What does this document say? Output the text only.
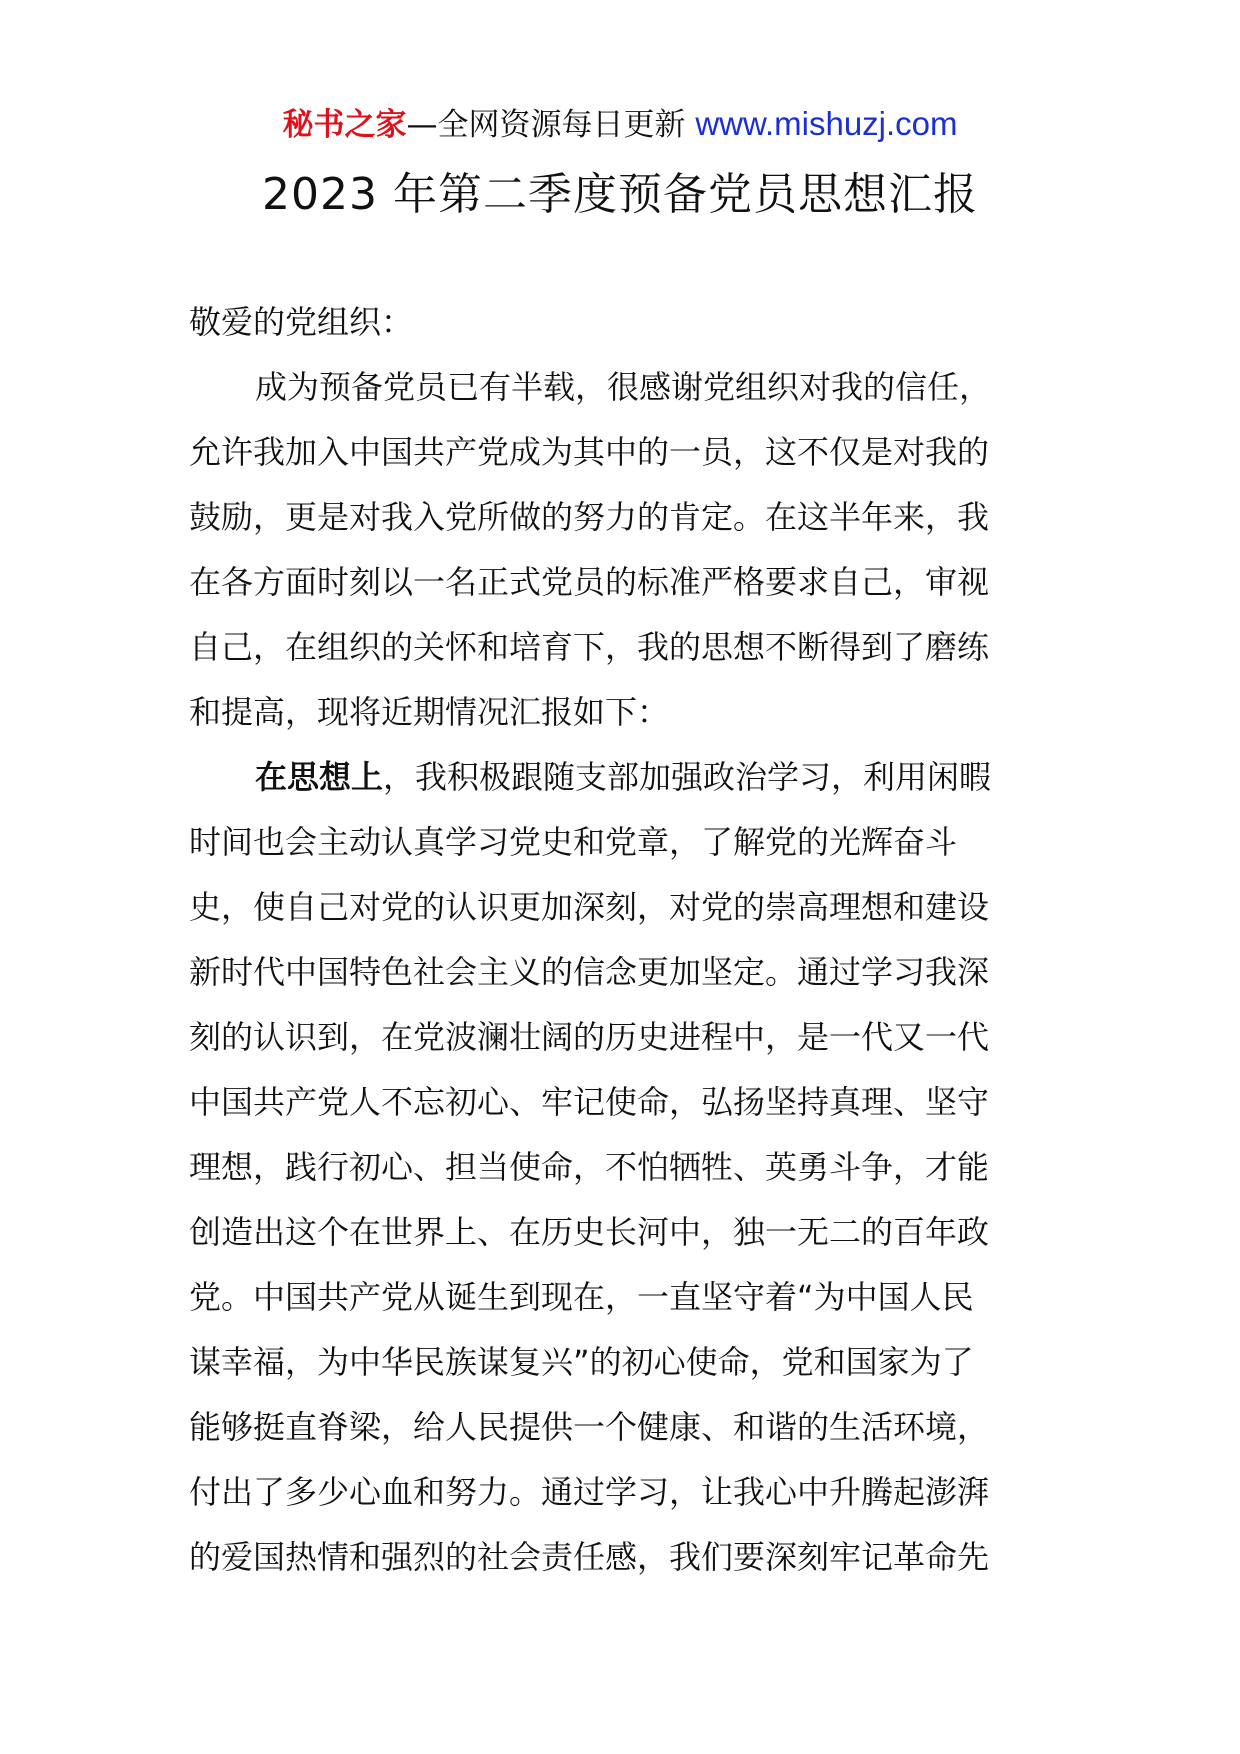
秘书之家—全网资源每日更新 www.mishuzj.com
2023 年第二季度预备党员思想汇报
敬爱的党组织：
成为预备党员已有半载，很感谢党组织对我的信任，
允许我加入中国共产党成为其中的一员，这不仅是对我的
鼓励，更是对我入党所做的努力的肯定。在这半年来，我
在各方面时刻以一名正式党员的标准严格要求自己，审视
自己，在组织的关怀和培育下，我的思想不断得到了磨练
和提高，现将近期情况汇报如下：
在思想上，我积极跟随支部加强政治学习，利用闲暇
时间也会主动认真学习党史和党章，了解党的光辉奋斗
史，使自己对党的认识更加深刻，对党的崇高理想和建设
新时代中国特色社会主义的信念更加坚定。通过学习我深
刻的认识到，在党波澜壮阔的历史进程中，是一代又一代
中国共产党人不忘初心、牢记使命，弘扬坚持真理、坚守
理想，践行初心、担当使命，不怕牺牲、英勇斗争，才能
创造出这个在世界上、在历史长河中，独一无二的百年政
党。中国共产党从诞生到现在，一直坚守着“为中国人民
谋幸福，为中华民族谋复兴”的初心使命，党和国家为了
能够挺直脊梁，给人民提供一个健康、和谐的生活环境，
付出了多少心血和努力。通过学习，让我心中升腾起澎湃
的爱国热情和强烈的社会责任感，我们要深刻牢记革命先
